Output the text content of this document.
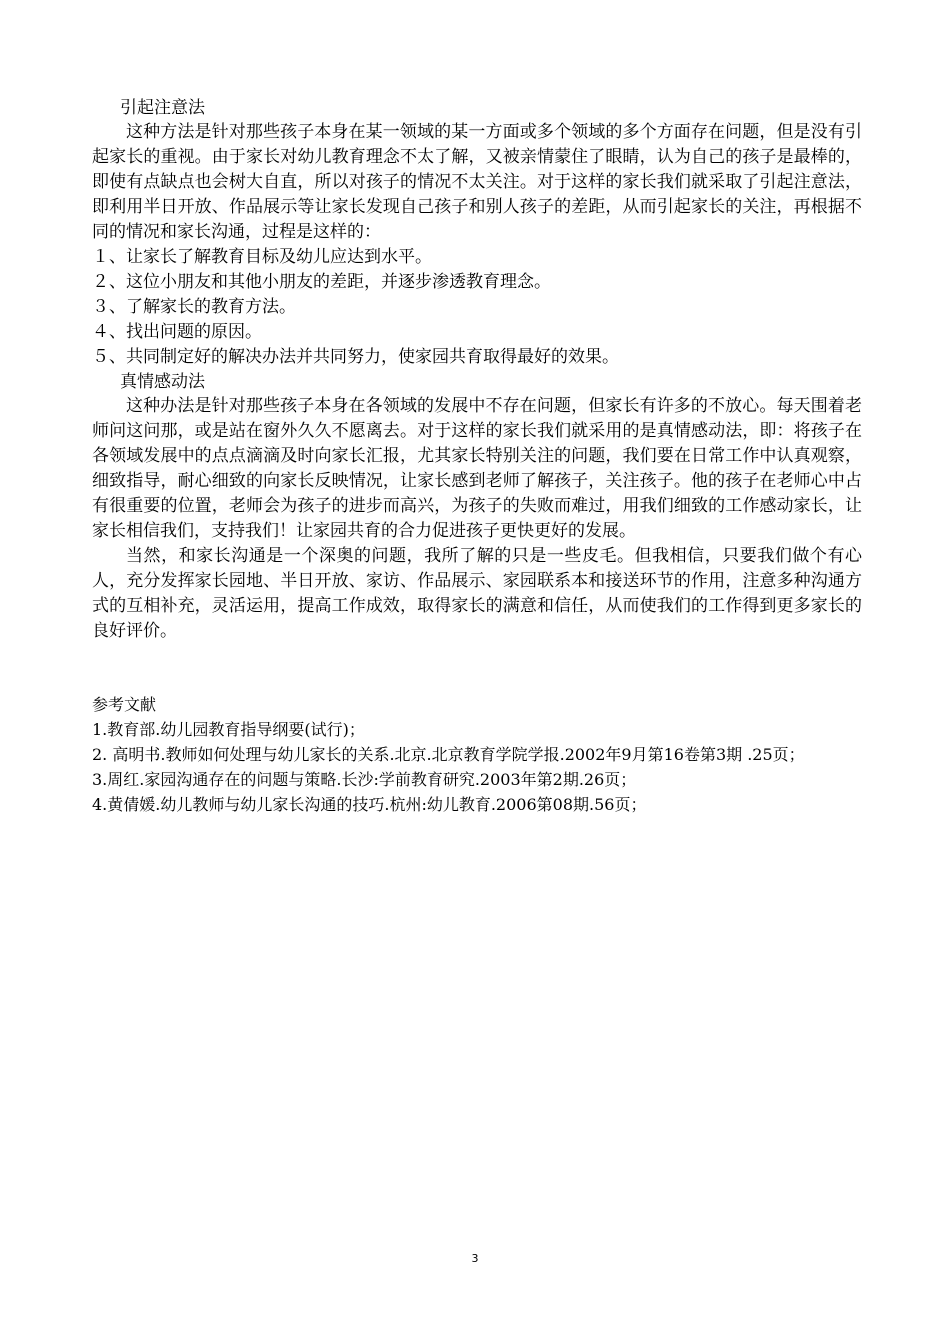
引起注意法

这种方法是针对那些孩子本身在某一领域的某一方面或多个领域的多个方面存在问题，但是没有引起家长的重视。由于家长对幼儿教育理念不太了解，又被亲情蒙住了眼睛，认为自己的孩子是最棒的，即使有点缺点也会树大自直，所以对孩子的情况不太关注。对于这样的家长我们就采取了引起注意法，即利用半日开放、作品展示等让家长发现自己孩子和别人孩子的差距，从而引起家长的关注，再根据不同的情况和家长沟通，过程是这样的：

１、让家长了解教育目标及幼儿应达到水平。

２、这位小朋友和其他小朋友的差距，并逐步渗透教育理念。

３、了解家长的教育方法。

４、找出问题的原因。

５、共同制定好的解决办法并共同努力，使家园共育取得最好的效果。

真情感动法

这种办法是针对那些孩子本身在各领域的发展中不存在问题，但家长有许多的不放心。每天围着老师问这问那，或是站在窗外久久不愿离去。对于这样的家长我们就采用的是真情感动法，即：将孩子在各领域发展中的点点滴滴及时向家长汇报，尤其家长特别关注的问题，我们要在日常工作中认真观察，细致指导，耐心细致的向家长反映情况，让家长感到老师了解孩子，关注孩子。他的孩子在老师心中占有很重要的位置，老师会为孩子的进步而高兴，为孩子的失败而难过，用我们细致的工作感动家长，让家长相信我们，支持我们！让家园共育的合力促进孩子更快更好的发展。

当然，和家长沟通是一个深奥的问题，我所了解的只是一些皮毛。但我相信，只要我们做个有心人，充分发挥家长园地、半日开放、家访、作品展示、家园联系本和接送环节的作用，注意多种沟通方式的互相补充，灵活运用，提高工作成效，取得家长的满意和信任，从而使我们的工作得到更多家长的良好评价。

参考文献

1.教育部.幼儿园教育指导纲要(试行)；

2. 高明书.教师如何处理与幼儿家长的关系.北京.北京教育学院学报.2002年9月第16卷第3期 .25页；

3.周红.家园沟通存在的问题与策略.长沙:学前教育研究.2003年第2期.26页；

4.黄倩媛.幼儿教师与幼儿家长沟通的技巧.杭州:幼儿教育.2006第08期.56页；

3
